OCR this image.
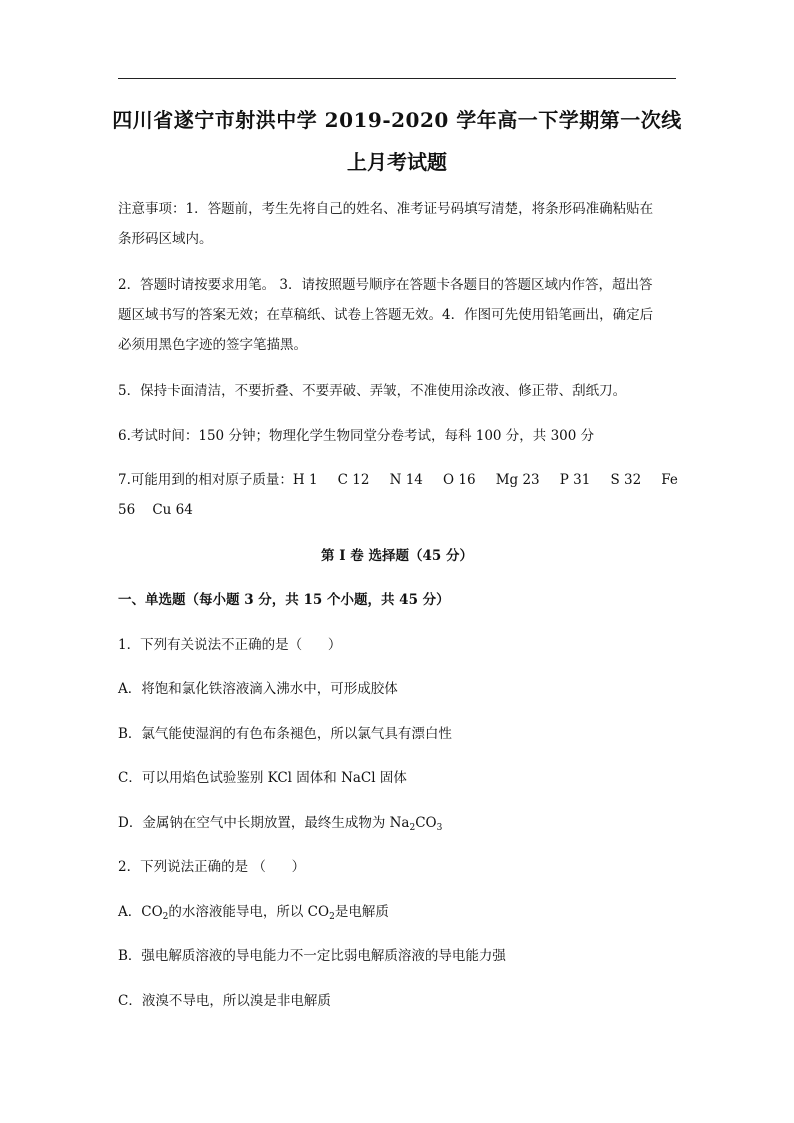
四川省遂宁市射洪中学 2019-2020 学年高一下学期第一次线
上月考试题
注意事项：1．答题前，考生先将自己的姓名、准考证号码填写清楚，将条形码准确粘贴在
条形码区域内。
2．答题时请按要求用笔。 3．请按照题号顺序在答题卡各题目的答题区域内作答，超出答
题区域书写的答案无效；在草稿纸、试卷上答题无效。4．作图可先使用铅笔画出，确定后
必须用黑色字迹的签字笔描黑。
5．保持卡面清洁，不要折叠、不要弄破、弄皱，不准使用涂改液、修正带、刮纸刀。
6.考试时间：150 分钟；物理化学生物同堂分卷考试，每科 100 分，共 300 分
7.可能用到的相对原子质量：H 1 C 12 N 14 O 16 Mg 23 P 31 S 32 Fe
56    Cu 64
第 I 卷 选择题（45 分）
一、单选题（每小题 3 分，共 15 个小题，共 45 分）
1．下列有关说法不正确的是（      ）
A．将饱和氯化铁溶液滴入沸水中，可形成胶体
B．氯气能使湿润的有色布条褪色，所以氯气具有漂白性
C．可以用焰色试验鉴别 KCl 固体和 NaCl 固体
D．金属钠在空气中长期放置，最终生成物为 $Na_2CO_3$
2．下列说法正确的是 （      ）
A．$CO_2$的水溶液能导电，所以 $CO_2$是电解质
B．强电解质溶液的导电能力不一定比弱电解质溶液的导电能力强
C．液溴不导电，所以溴是非电解质
